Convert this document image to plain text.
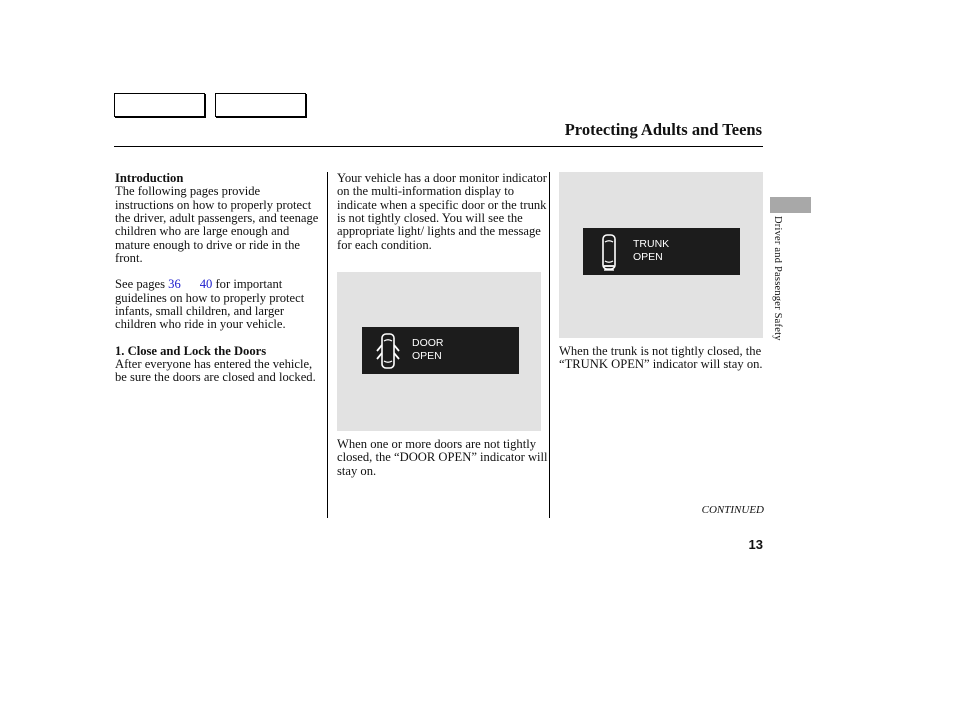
Protecting Adults and Teens

Introduction

The following pages provide instructions on how to properly protect the driver, adult passengers, and teenage children who are large enough and mature enough to drive or ride in the front.

See pages 36 40 for important guidelines on how to properly protect infants, small children, and larger children who ride in your vehicle.

1. Close and Lock the Doors

After everyone has entered the vehicle, be sure the doors are closed and locked.

Your vehicle has a door monitor indicator on the multi-information display to indicate when a specific door or the trunk is not tightly closed. You will see the appropriate light/ lights and the message for each condition.

DOOR
OPEN
When one or more doors are not tightly closed, the “DOOR OPEN” indicator will stay on.
TRUNK
OPEN
When the trunk is not tightly closed, the “TRUNK OPEN” indicator will stay on.
CONTINUED
13
Driver and Passenger Safety
